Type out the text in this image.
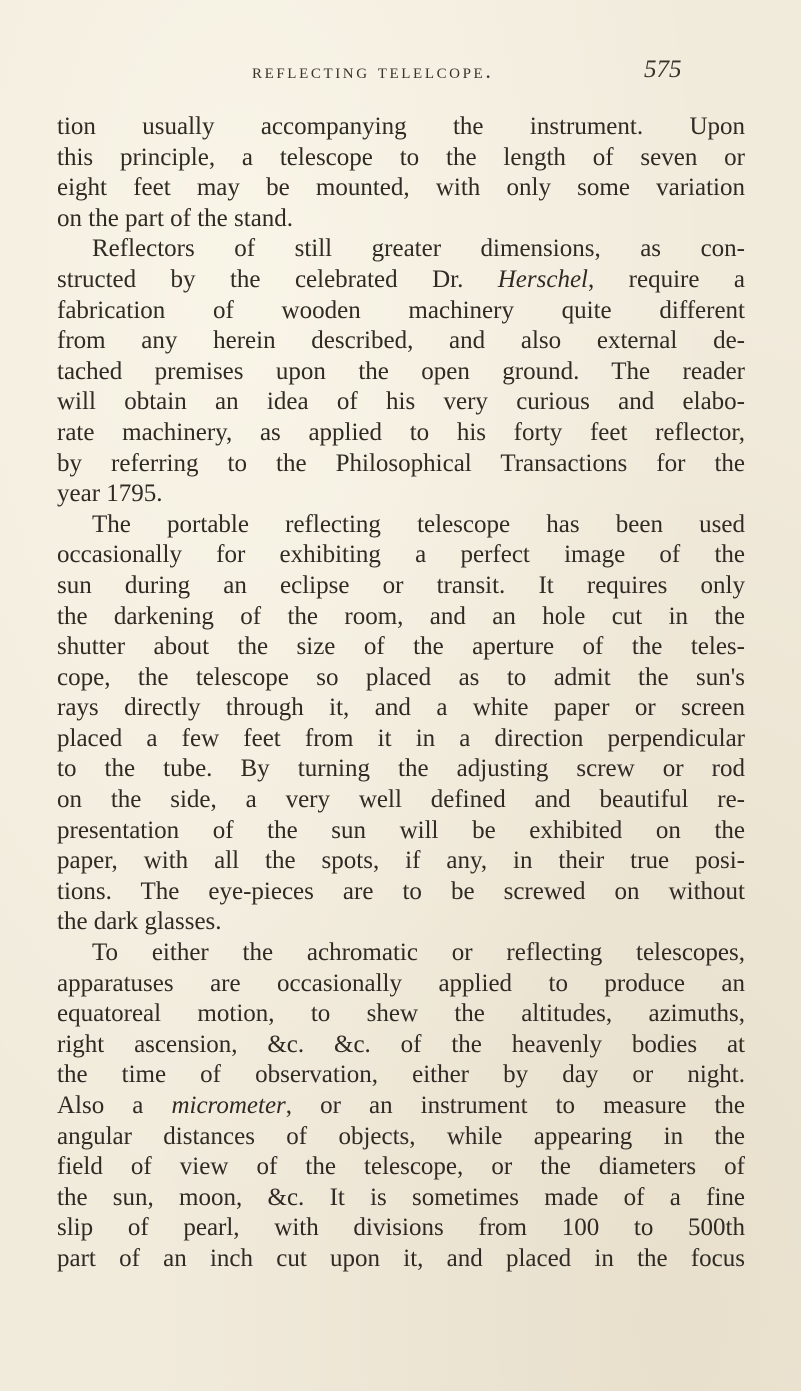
reflecting telelcope.	575
tion usually accompanying the instrument. Upon
this principle, a telescope to the length of seven or
eight feet may be mounted, with only some variation
on the part of the stand.
Reflectors of still greater dimensions, as con-
structed by the celebrated Dr. Herschel, require a
fabrication of wooden machinery quite different
from any herein described, and also external de-
tached premises upon the open ground. The reader
will obtain an idea of his very curious and elabo-
rate machinery, as applied to his forty feet reflector,
by referring to the Philosophical Transactions for the
year 1795.
The portable reflecting telescope has been used
occasionally for exhibiting a perfect image of the
sun during an eclipse or transit. It requires only
the darkening of the room, and an hole cut in the
shutter about the size of the aperture of the teles-
cope, the telescope so placed as to admit the sun's
rays directly through it, and a white paper or screen
placed a few feet from it in a direction perpendicular
to the tube. By turning the adjusting screw or rod
on the side, a very well defined and beautiful re-
presentation of the sun will be exhibited on the
paper, with all the spots, if any, in their true posi-
tions. The eye-pieces are to be screwed on without
the dark glasses.
To either the achromatic or reflecting telescopes,
apparatuses are occasionally applied to produce an
equatoreal motion, to shew the altitudes, azimuths,
right ascension, &c. &c. of the heavenly bodies at
the time of observation, either by day or night.
Also a micrometer, or an instrument to measure the
angular distances of objects, while appearing in the
field of view of the telescope, or the diameters of
the sun, moon, &c. It is sometimes made of a fine
slip of pearl, with divisions from 100 to 500th
part of an inch cut upon it, and placed in the focus
